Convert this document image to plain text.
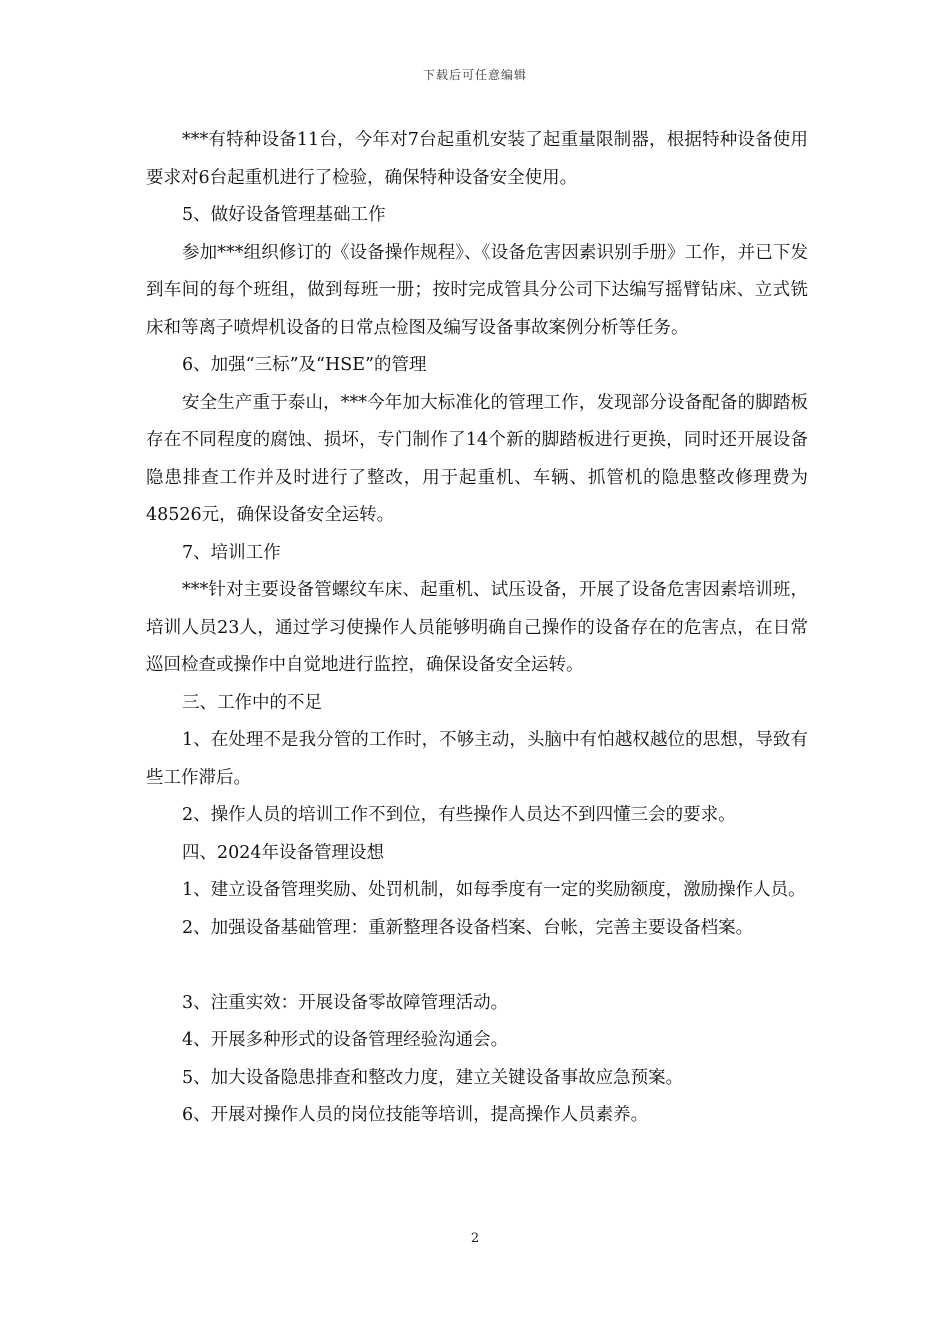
下载后可任意编辑

***有特种设备11台，今年对7台起重机安装了起重量限制器，根据特种设备使用要求对6台起重机进行了检验，确保特种设备安全使用。

5、做好设备管理基础工作

参加***组织修订的《设备操作规程》、《设备危害因素识别手册》工作，并已下发到车间的每个班组，做到每班一册；按时完成管具分公司下达编写摇臂钻床、立式铣床和等离子喷焊机设备的日常点检图及编写设备事故案例分析等任务。

6、加强“三标”及“HSE”的管理

安全生产重于泰山，***今年加大标准化的管理工作，发现部分设备配备的脚踏板存在不同程度的腐蚀、损坏，专门制作了14个新的脚踏板进行更换，同时还开展设备隐患排查工作并及时进行了整改，用于起重机、车辆、抓管机的隐患整改修理费为48526元，确保设备安全运转。

7、培训工作

***针对主要设备管螺纹车床、起重机、试压设备，开展了设备危害因素培训班，培训人员23人，通过学习使操作人员能够明确自己操作的设备存在的危害点，在日常巡回检查或操作中自觉地进行监控，确保设备安全运转。

三、工作中的不足

1、在处理不是我分管的工作时，不够主动，头脑中有怕越权越位的思想，导致有些工作滞后。

2、操作人员的培训工作不到位，有些操作人员达不到四懂三会的要求。

四、2024年设备管理设想

1、建立设备管理奖励、处罚机制，如每季度有一定的奖励额度，激励操作人员。

2、加强设备基础管理：重新整理各设备档案、台帐，完善主要设备档案。

3、注重实效：开展设备零故障管理活动。

4、开展多种形式的设备管理经验沟通会。

5、加大设备隐患排查和整改力度，建立关键设备事故应急预案。

6、开展对操作人员的岗位技能等培训，提高操作人员素养。

2
